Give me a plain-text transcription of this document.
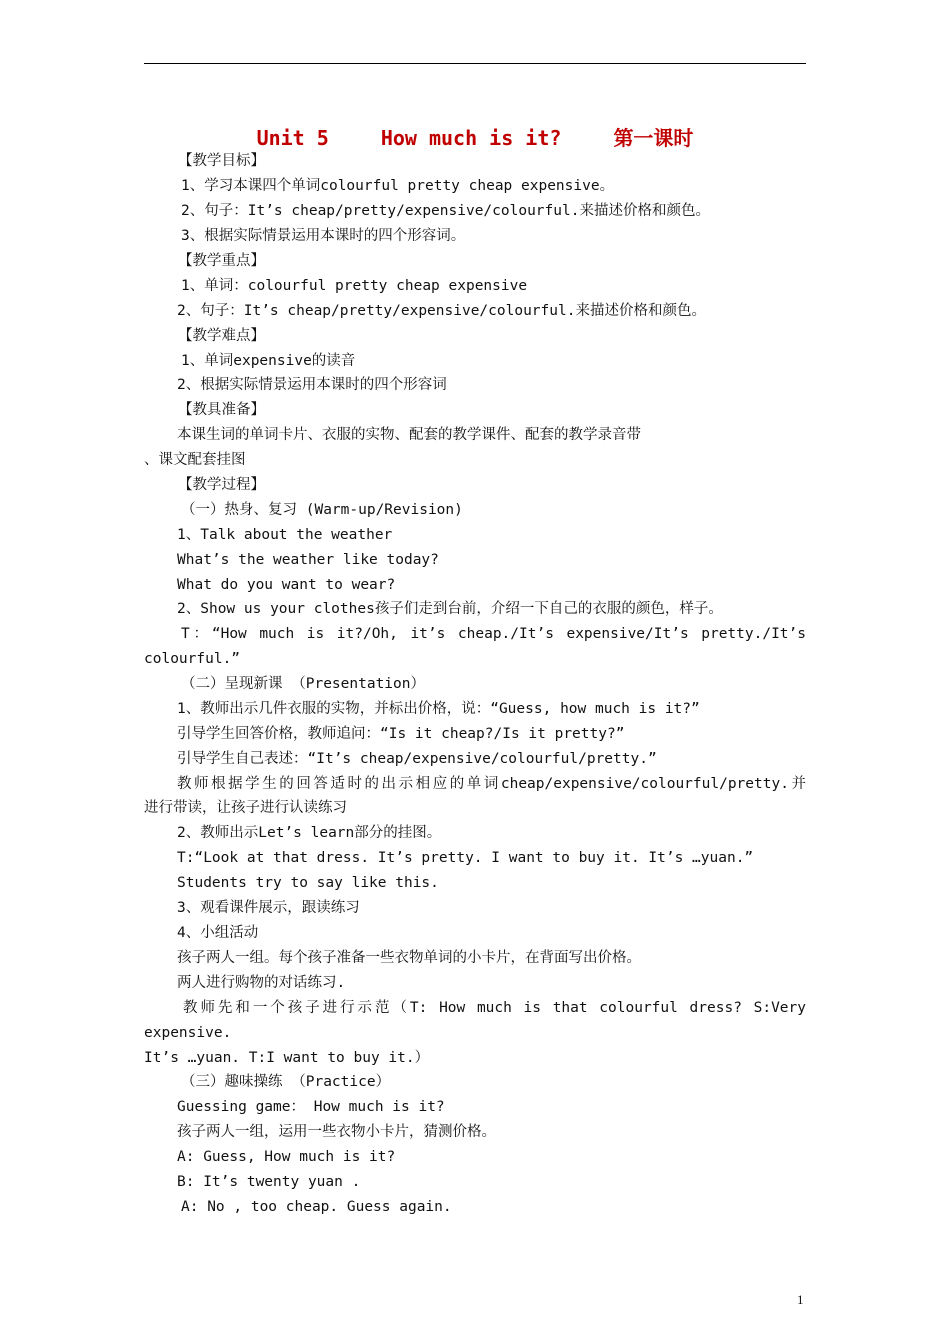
Unit 5	How much is it?	第一课时
【教学目标】
1、学习本课四个单词colourful pretty cheap expensive。
2、句子：It’s cheap/pretty/expensive/colourful.来描述价格和颜色。
3、根据实际情景运用本课时的四个形容词。
【教学重点】
1、单词：colourful pretty cheap expensive
2、句子：It’s cheap/pretty/expensive/colourful.来描述价格和颜色。
【教学难点】
1、单词expensive的读音
2、根据实际情景运用本课时的四个形容词
【教具准备】
本课生词的单词卡片、衣服的实物、配套的教学课件、配套的教学录音带
、课文配套挂图
【教学过程】
（一）热身、复习 (Warm-up/Revision)
1、Talk about the weather
What’s the weather like today?
What do you want to wear?
2、Show us your clothes孩子们走到台前，介绍一下自己的衣服的颜色，样子。
T：“How much is it?/Oh, it’s cheap./It’s expensive/It’s pretty./It’s
colourful.”
（二）呈现新课 （Presentation）
1、教师出示几件衣服的实物，并标出价格，说：“Guess, how much is it?”
引导学生回答价格，教师追问：“Is it cheap?/Is it pretty?”
引导学生自己表述：“It’s cheap/expensive/colourful/pretty.”
教师根据学生的回答适时的出示相应的单词cheap/expensive/colourful/pretty.并
进行带读，让孩子进行认读练习
2、教师出示Let’s learn部分的挂图。
T:“Look at that dress. It’s pretty. I want to buy it. It’s …yuan.”
Students try to say like this.
3、观看课件展示，跟读练习
4、小组活动
孩子两人一组。每个孩子准备一些衣物单词的小卡片，在背面写出价格。
两人进行购物的对话练习.
教师先和一个孩子进行示范（T: How much is that colourful dress? S:Very
expensive.
It’s …yuan. T:I want to buy it.）
（三）趣味操练 （Practice）
Guessing game： How much is it?
孩子两人一组，运用一些衣物小卡片，猜测价格。
A: Guess, How much is it?
B: It’s twenty yuan .
A: No , too cheap. Guess again.
1
